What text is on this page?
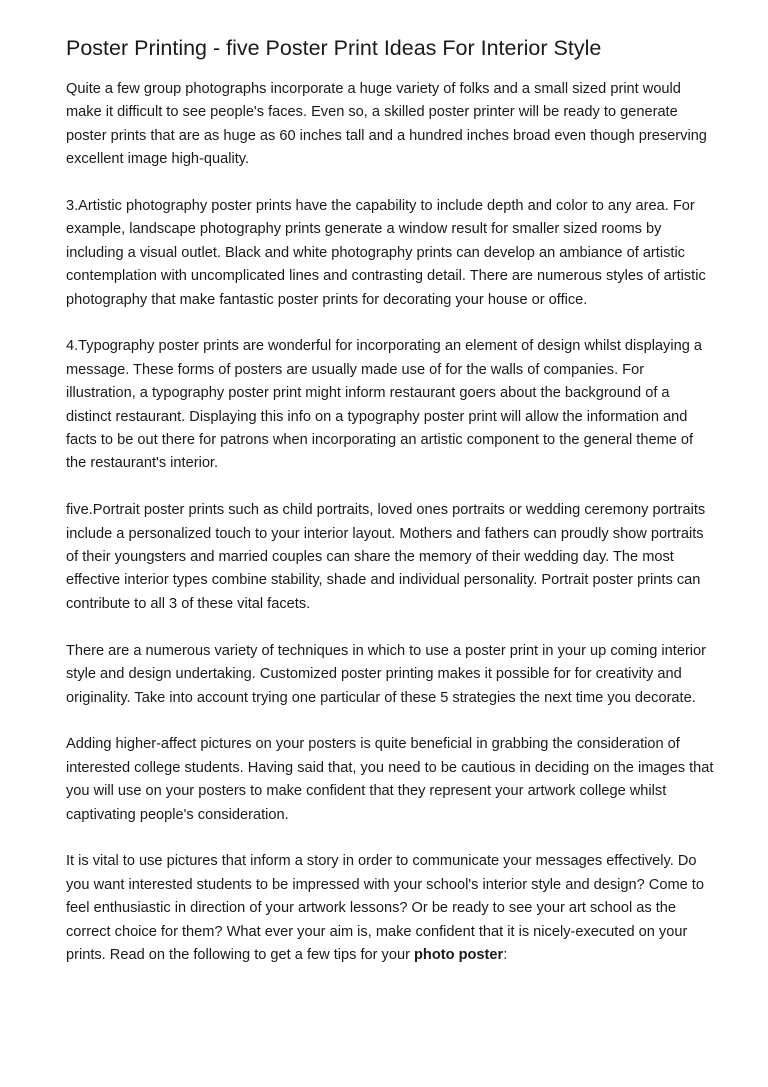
Poster Printing - five Poster Print Ideas For Interior Style

Quite a few group photographs incorporate a huge variety of folks and a small sized print would make it difficult to see people's faces. Even so, a skilled poster printer will be ready to generate poster prints that are as huge as 60 inches tall and a hundred inches broad even though preserving excellent image high-quality.

3.Artistic photography poster prints have the capability to include depth and color to any area. For example, landscape photography prints generate a window result for smaller sized rooms by including a visual outlet. Black and white photography prints can develop an ambiance of artistic contemplation with uncomplicated lines and contrasting detail. There are numerous styles of artistic photography that make fantastic poster prints for decorating your house or office.

4.Typography poster prints are wonderful for incorporating an element of design whilst displaying a message. These forms of posters are usually made use of for the walls of companies. For illustration, a typography poster print might inform restaurant goers about the background of a distinct restaurant. Displaying this info on a typography poster print will allow the information and facts to be out there for patrons when incorporating an artistic component to the general theme of the restaurant's interior.

five.Portrait poster prints such as child portraits, loved ones portraits or wedding ceremony portraits include a personalized touch to your interior layout. Mothers and fathers can proudly show portraits of their youngsters and married couples can share the memory of their wedding day. The most effective interior types combine stability, shade and individual personality. Portrait poster prints can contribute to all 3 of these vital facets.

There are a numerous variety of techniques in which to use a poster print in your up coming interior style and design undertaking. Customized poster printing makes it possible for for creativity and originality. Take into account trying one particular of these 5 strategies the next time you decorate.

Adding higher-affect pictures on your posters is quite beneficial in grabbing the consideration of interested college students. Having said that, you need to be cautious in deciding on the images that you will use on your posters to make confident that they represent your artwork college whilst captivating people's consideration.

It is vital to use pictures that inform a story in order to communicate your messages effectively. Do you want interested students to be impressed with your school's interior style and design? Come to feel enthusiastic in direction of your artwork lessons? Or be ready to see your art school as the correct choice for them? What ever your aim is, make confident that it is nicely-executed on your prints. Read on the following to get a few tips for your photo poster:
